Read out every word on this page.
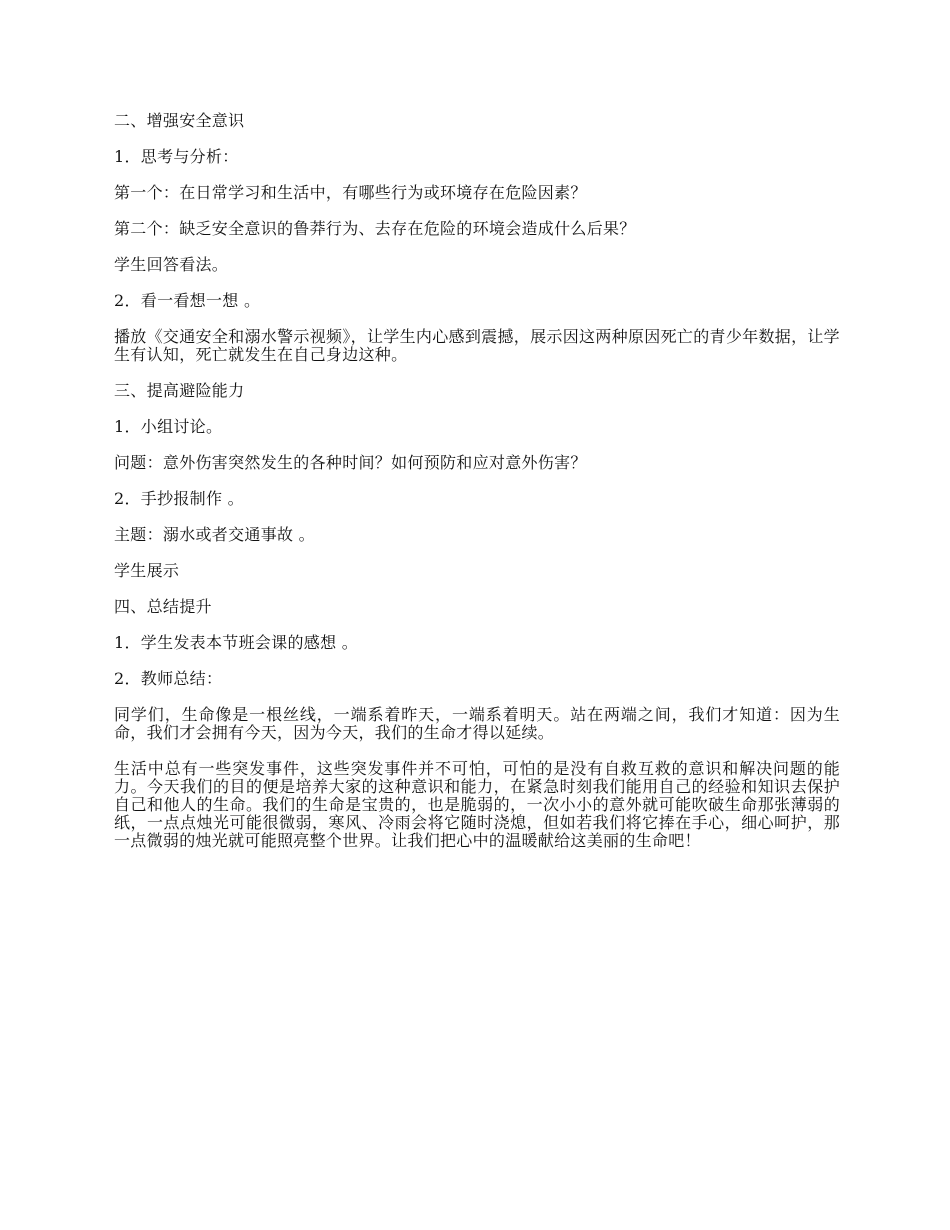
二、增强安全意识

1．思考与分析：

第一个：在日常学习和生活中，有哪些行为或环境存在危险因素？

第二个：缺乏安全意识的鲁莽行为、去存在危险的环境会造成什么后果？

学生回答看法。

2．看一看想一想 。

播放《交通安全和溺水警示视频》，让学生内心感到震撼，展示因这两种原因死亡的青少年数据，让学生有认知，死亡就发生在自己身边这种。

三、提高避险能力

1．小组讨论。

问题：意外伤害突然发生的各种时间？如何预防和应对意外伤害？

2．手抄报制作 。

主题：溺水或者交通事故 。

学生展示

四、总结提升

1．学生发表本节班会课的感想 。

2．教师总结：

同学们，生命像是一根丝线，一端系着昨天，一端系着明天。站在两端之间，我们才知道：因为生命，我们才会拥有今天，因为今天，我们的生命才得以延续。

生活中总有一些突发事件，这些突发事件并不可怕，可怕的是没有自救互救的意识和解决问题的能力。今天我们的目的便是培养大家的这种意识和能力，在紧急时刻我们能用自己的经验和知识去保护自己和他人的生命。我们的生命是宝贵的，也是脆弱的，一次小小的意外就可能吹破生命那张薄弱的纸，一点点烛光可能很微弱，寒风、冷雨会将它随时浇熄，但如若我们将它捧在手心，细心呵护，那一点微弱的烛光就可能照亮整个世界。让我们把心中的温暖献给这美丽的生命吧！
